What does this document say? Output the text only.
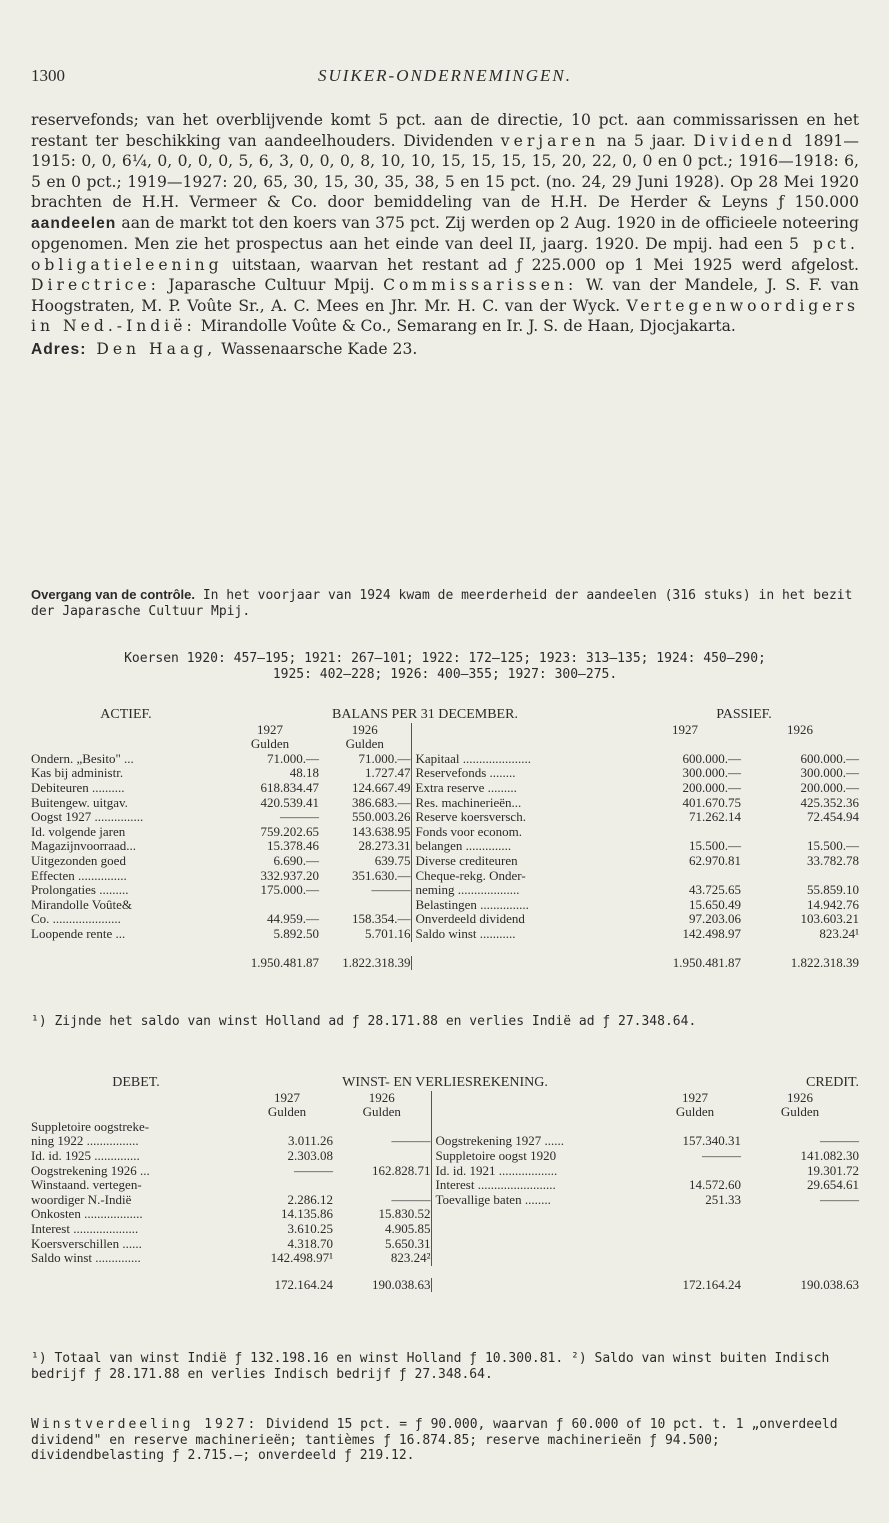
1300	SUIKER-ONDERNEMINGEN.

reservefonds; van het overblijvende komt 5 pct. aan de directie, 10 pct. aan commissarissen en het restant ter beschikking van aandeelhouders. Dividenden verjaren na 5 jaar. Dividend 1891—1915: 0, 0, 6¼, 0, 0, 0, 0, 5, 6, 3, 0, 0, 0, 8, 10, 10, 15, 15, 15, 15, 20, 22, 0, 0 en 0 pct.; 1916—1918: 6, 5 en 0 pct.; 1919—1927: 20, 65, 30, 15, 30, 35, 38, 5 en 15 pct. (no. 24, 29 Juni 1928). Op 28 Mei 1920 brachten de H.H. Vermeer & Co. door bemiddeling van de H.H. De Herder & Leyns ƒ 150.000 aandeelen aan de markt tot den koers van 375 pct. Zij werden op 2 Aug. 1920 in de officieele noteering opgenomen. Men zie het prospectus aan het einde van deel II, jaarg. 1920. De mpij. had een 5 pct. obligatieleening uitstaan, waarvan het restant ad ƒ 225.000 op 1 Mei 1925 werd afgelost. Directrice: Japarasche Cultuur Mpij. Commissarissen: W. van der Mandele, J. S. F. van Hoogstraten, M. P. Voûte Sr., A. C. Mees en Jhr. Mr. H. C. van der Wyck. Vertegenwoordigers in Ned.-Indië: Mirandolle Voûte & Co., Semarang en Ir. J. S. de Haan, Djocjakarta.

Adres: Den Haag, Wassenaarsche Kade 23.

Overgang van de contrôle. In het voorjaar van 1924 kwam de meerderheid der aandeelen (316 stuks) in het bezit der Japarasche Cultuur Mpij.
Koersen 1920: 457—195; 1921: 267—101; 1922: 172—125; 1923: 313—135; 1924: 450—290;
1925: 402—228; 1926: 400—355; 1927: 300—275.
ACTIEF.	BALANS PER 31 DECEMBER.			PASSIEF.	
	1927	1926		1927	1926
	Gulden	Gulden			
Ondern. „Besito" ...	71.000.—	71.000.—	Kapitaal .....................	600.000.—	600.000.—
Kas bij administr.	48.18	1.727.47	Reservefonds ........	300.000.—	300.000.—
Debiteuren ..........	618.834.47	124.667.49	Extra reserve .........	200.000.—	200.000.—
Buitengew. uitgav.	420.539.41	386.683.—	Res. machinerieën...	401.670.75	425.352.36
Oogst 1927 ...............	———	550.003.26	Reserve koersversch.	71.262.14	72.454.94
Id. volgende jaren	759.202.65	143.638.95	Fonds voor econom.		
Magazijnvoorraad...	15.378.46	28.273.31	belangen ..............	15.500.—	15.500.—
Uitgezonden goed	6.690.—	639.75	Diverse crediteuren	62.970.81	33.782.78
Effecten ...............	332.937.20	351.630.—	Cheque-rekg. Onder-		
Prolongaties .........	175.000.—	———	neming ...................	43.725.65	55.859.10
Mirandolle Voûte&			Belastingen ...............	15.650.49	14.942.76
Co. .....................	44.959.—	158.354.—	Onverdeeld dividend	97.203.06	103.603.21
Loopende rente ...	5.892.50	5.701.16	Saldo winst ...........	142.498.97	823.24¹

	1.950.481.87	1.822.318.39		1.950.481.87	1.822.318.39
¹) Zijnde het saldo van winst Holland ad ƒ 28.171.88 en verlies Indië ad ƒ 27.348.64.
DEBET.	WINST- EN VERLIESREKENING.			CREDIT.	
	1927	1926		1927	1926
	Gulden	Gulden		Gulden	Gulden
Suppletoire oogstreke-					
ning 1922 ................	3.011.26	———	Oogstrekening 1927 ......	157.340.31	———
Id. id. 1925 ..............	2.303.08		Suppletoire oogst 1920	———	141.082.30
Oogstrekening 1926 ...	———	162.828.71	Id. id. 1921 ..................		19.301.72
Winstaand. vertegen-			Interest ........................	14.572.60	29.654.61
woordiger N.-Indië	2.286.12	———	Toevallige baten ........	251.33	———
Onkosten ..................	14.135.86	15.830.52			
Interest ....................	3.610.25	4.905.85			
Koersverschillen ......	4.318.70	5.650.31			
Saldo winst ..............	142.498.97¹	823.24²			

	172.164.24	190.038.63		172.164.24	190.038.63
¹) Totaal van winst Indië ƒ 132.198.16 en winst Holland ƒ 10.300.81. ²) Saldo van winst buiten Indisch bedrijf ƒ 28.171.88 en verlies Indisch bedrijf ƒ 27.348.64.
Winstverdeeling 1927: Dividend 15 pct. = ƒ 90.000, waarvan ƒ 60.000 of 10 pct. t. 1 „onverdeeld dividend" en reserve machinerieën; tantièmes ƒ 16.874.85; reserve machinerieën ƒ 94.500; dividendbelasting ƒ 2.715.—; onverdeeld ƒ 219.12.
